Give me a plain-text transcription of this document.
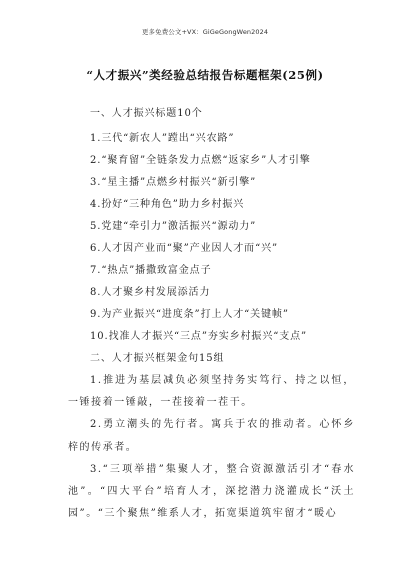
更多免费公文+VX：GiGeGongWen2024
“人才振兴”类经验总结报告标题框架(25例)
一、人才振兴标题10个
1.三代“新农人”蹚出“兴农路”
2.“聚育留”全链条发力点燃“返家乡”人才引擎
3.“星主播”点燃乡村振兴“新引擎”
4.扮好“三种角色”助力乡村振兴
5.党建“牵引力”激活振兴“源动力”
6.人才因产业而“聚”产业因人才而“兴”
7.“热点”播撒致富金点子
8.人才聚乡村发展添活力
9.为产业振兴“进度条”打上人才“关键帧”
10.找准人才振兴“三点”夯实乡村振兴“支点”
二、人才振兴框架金句15组

1.推进为基层减负必须坚持务实笃行、持之以恒，一锤接着一锤敲，一茬接着一茬干。

2.勇立潮头的先行者。寓兵于农的推动者。心怀乡梓的传承者。

3.“三项举措”集聚人才，整合资源激活引才“春水池”。“四大平台”培育人才，深挖潜力浇灌成长“沃土园”。“三个聚焦”维系人才，拓宽渠道筑牢留才“暖心
